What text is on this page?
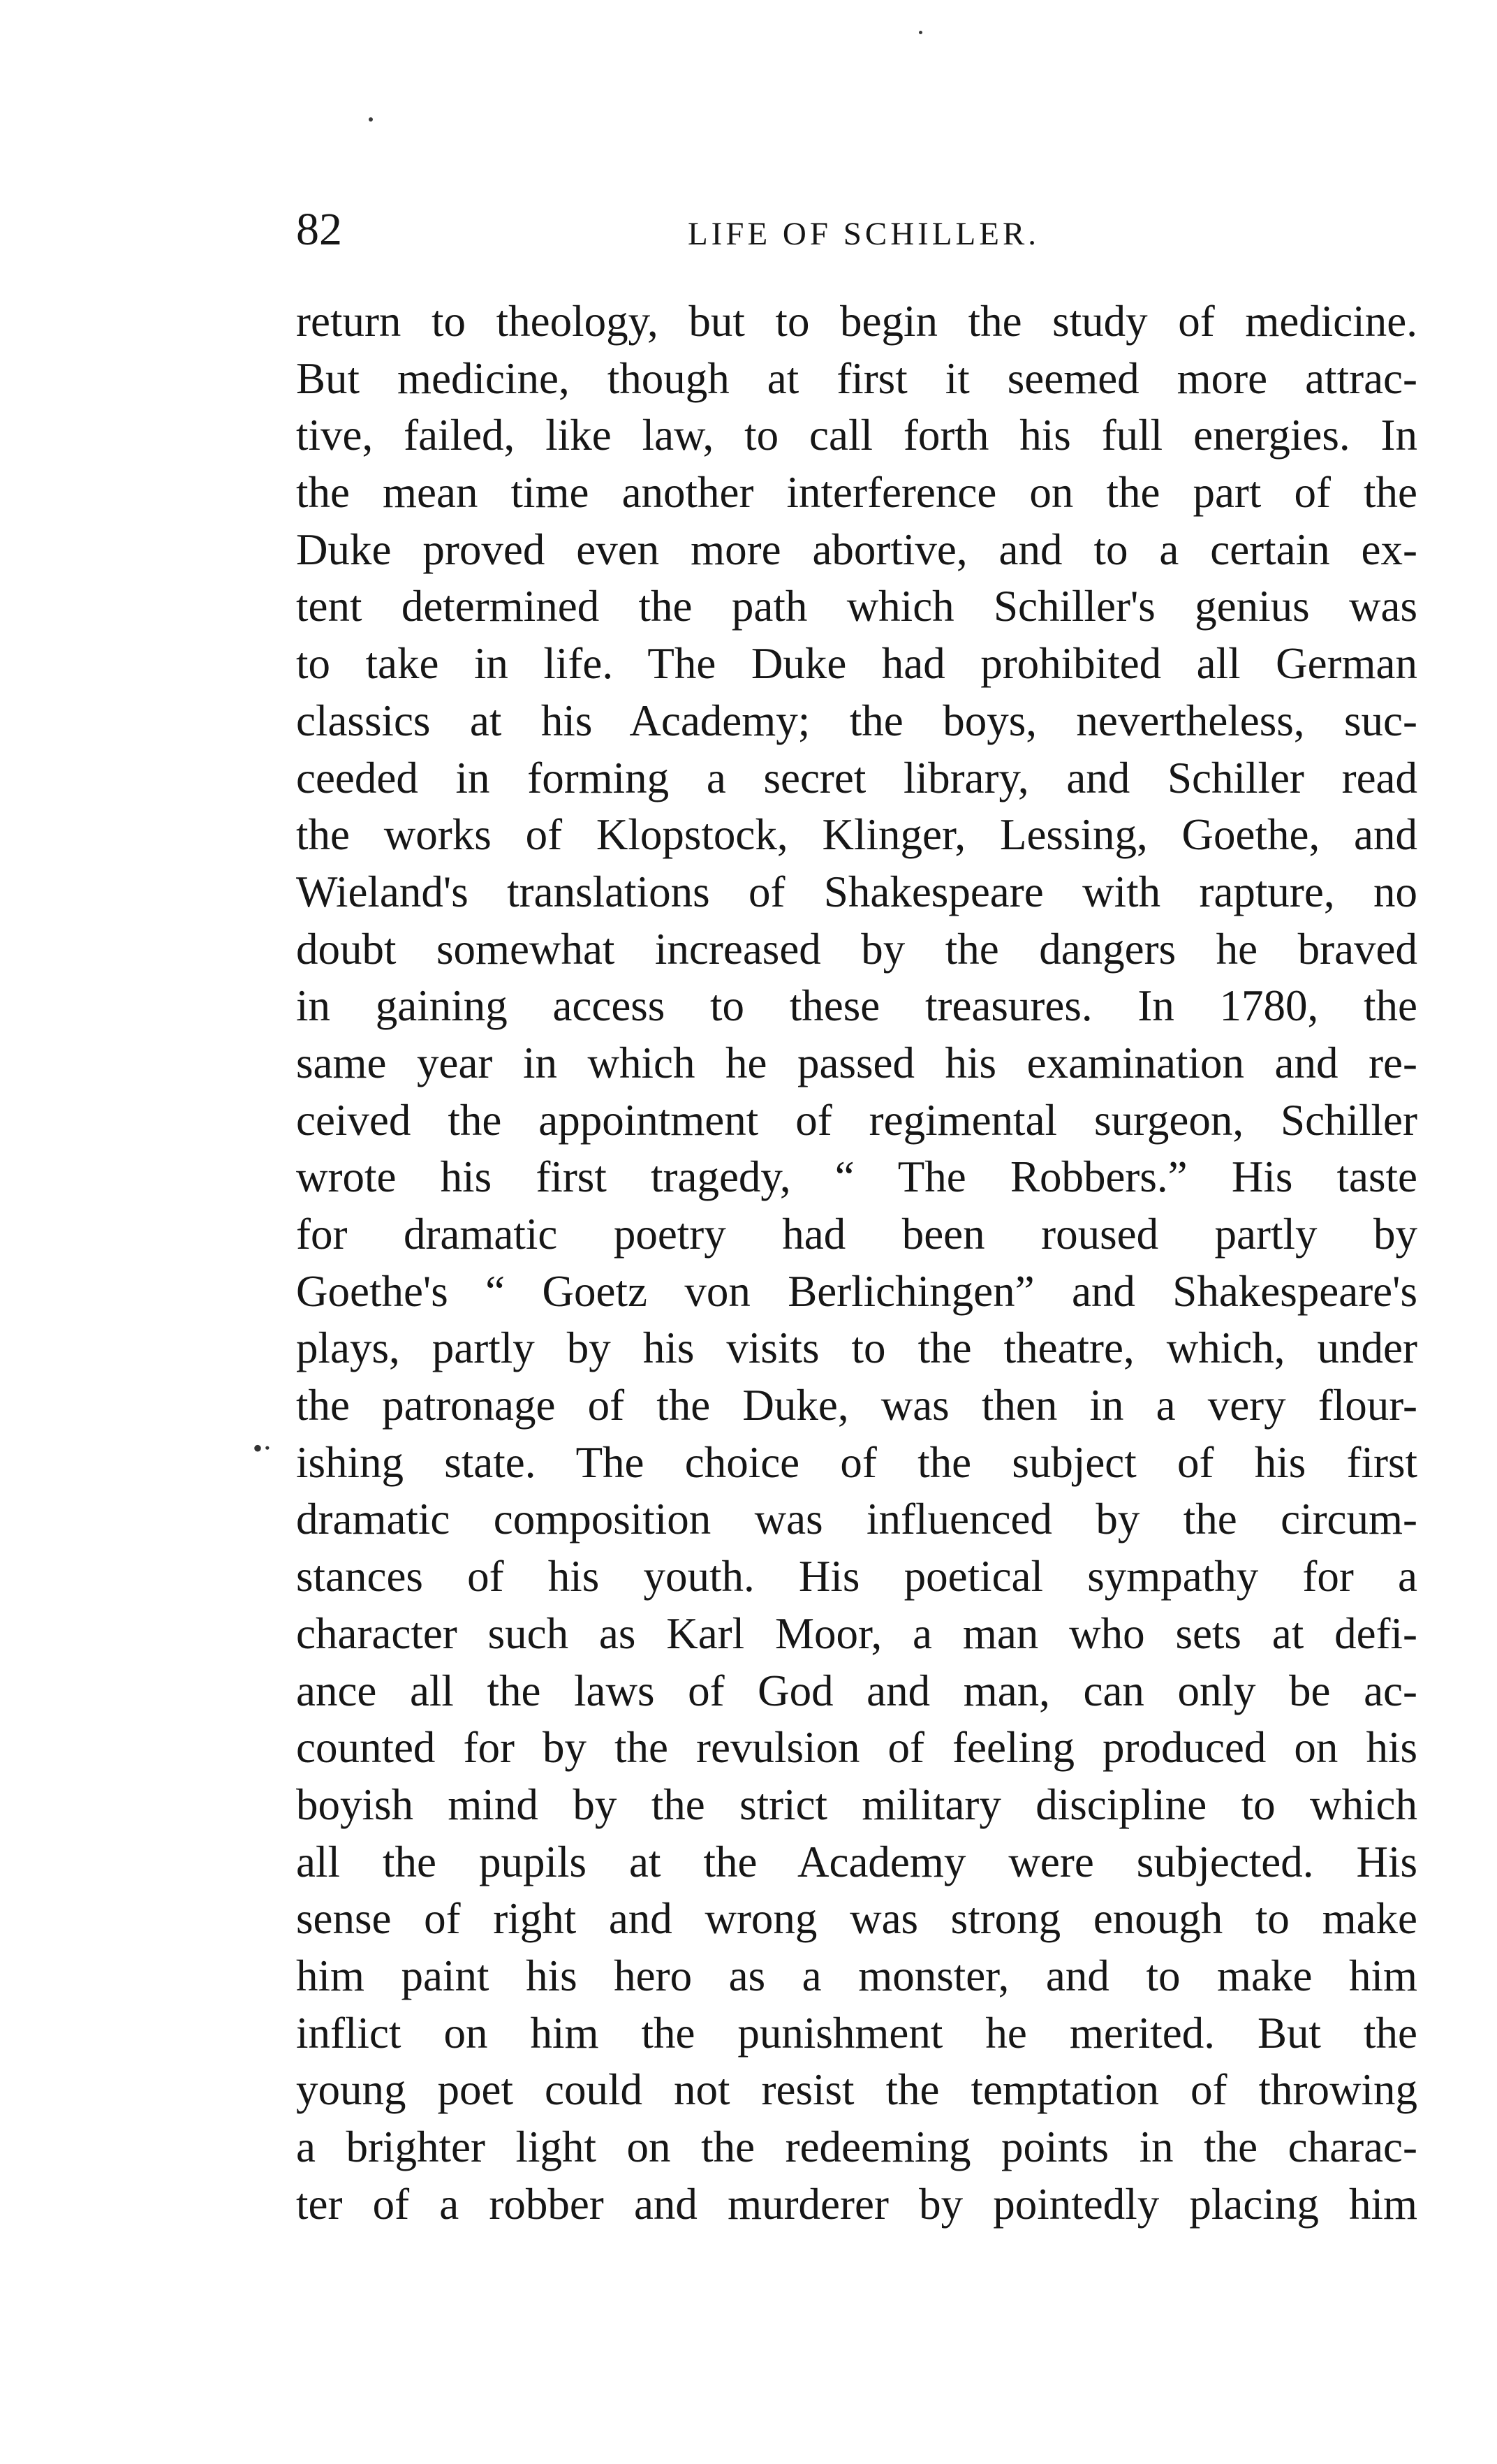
82	LIFE OF SCHILLER.
•⋅
return to theology, but to begin the study of medicine.
But medicine, though at first it seemed more attrac-
tive, failed, like law, to call forth his full energies. In
the mean time another interference on the part of the
Duke proved even more abortive, and to a certain ex-
tent determined the path which Schiller's genius was
to take in life. The Duke had prohibited all German
classics at his Academy; the boys, nevertheless, suc-
ceeded in forming a secret library, and Schiller read
the works of Klopstock, Klinger, Lessing, Goethe, and
Wieland's translations of Shakespeare with rapture, no
doubt somewhat increased by the dangers he braved
in gaining access to these treasures. In 1780, the
same year in which he passed his examination and re-
ceived the appointment of regimental surgeon, Schiller
wrote his first tragedy, “ The Robbers.” His taste
for dramatic poetry had been roused partly by
Goethe's “ Goetz von Berlichingen” and Shakespeare's
plays, partly by his visits to the theatre, which, under
the patronage of the Duke, was then in a very flour-
ishing state. The choice of the subject of his first
dramatic composition was influenced by the circum-
stances of his youth. His poetical sympathy for a
character such as Karl Moor, a man who sets at defi-
ance all the laws of God and man, can only be ac-
counted for by the revulsion of feeling produced on his
boyish mind by the strict military discipline to which
all the pupils at the Academy were subjected. His
sense of right and wrong was strong enough to make
him paint his hero as a monster, and to make him
inflict on him the punishment he merited. But the
young poet could not resist the temptation of throwing
a brighter light on the redeeming points in the charac-
ter of a robber and murderer by pointedly placing him
